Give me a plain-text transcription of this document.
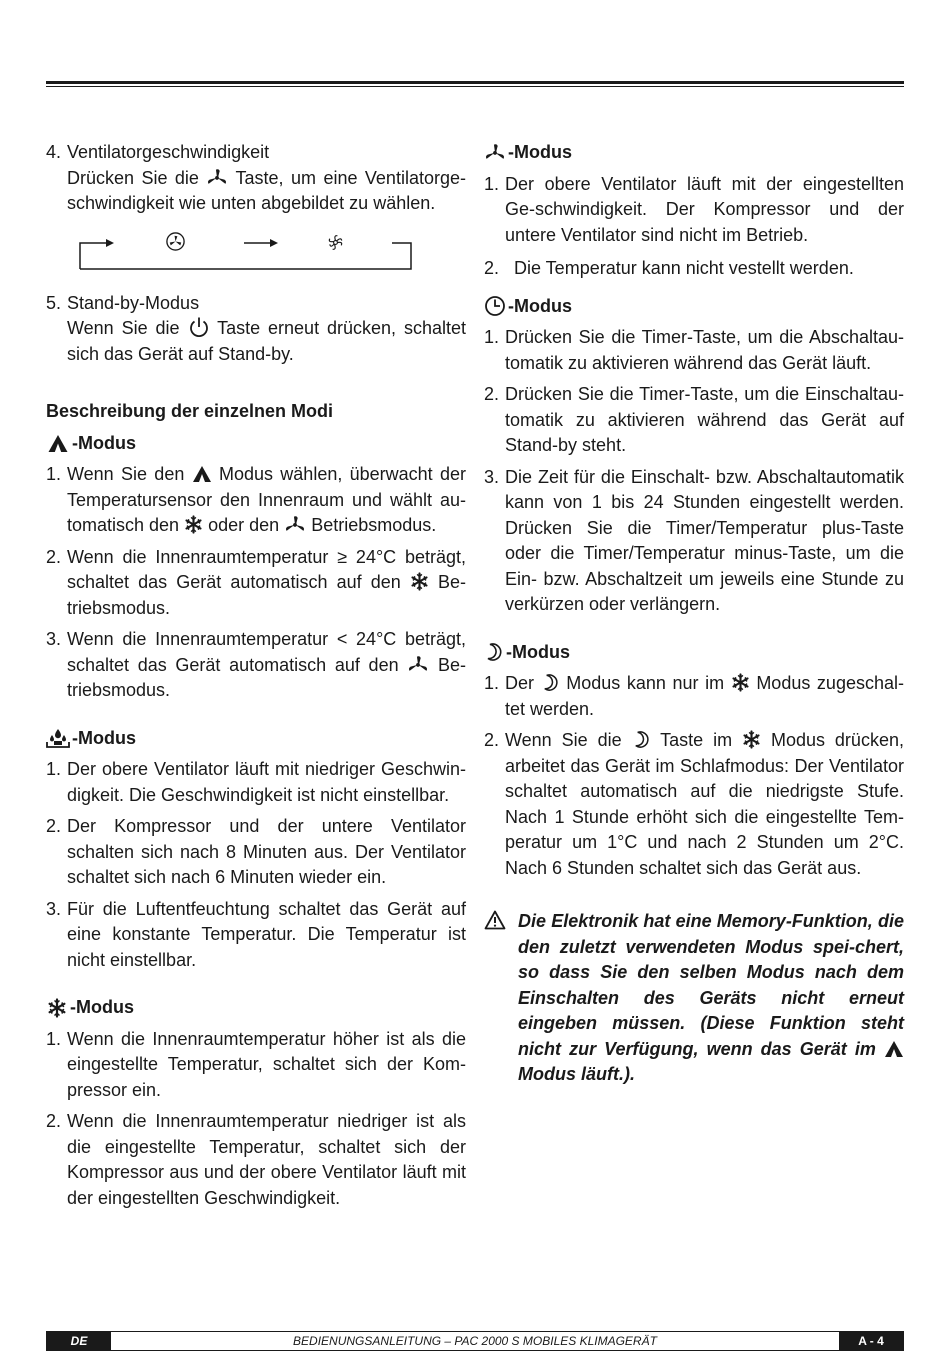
4. Ventilatorgeschwindigkeit
Drücken Sie die Taste, um eine Ventilatorge-schwindigkeit wie unten abgebildet zu wählen.
5. Stand-by-Modus
Wenn Sie die Taste erneut drücken, schaltet sich das Gerät auf Stand-by.
Beschreibung der einzelnen Modi
-Modus
1. Wenn Sie den Modus wählen, überwacht der Temperatursensor den Innenraum und wählt au-tomatisch den oder den Betriebsmodus.
2. Wenn die Innenraumtemperatur ≥ 24°C beträgt, schaltet das Gerät automatisch auf den Be-triebsmodus.
3. Wenn die Innenraumtemperatur < 24°C beträgt, schaltet das Gerät automatisch auf den Be-triebsmodus.
-Modus
1. Der obere Ventilator läuft mit niedriger Geschwin-digkeit. Die Geschwindigkeit ist nicht einstellbar.
2. Der Kompressor und der untere Ventilator schalten sich nach 8 Minuten aus. Der Ventilator schaltet sich nach 6 Minuten wieder ein.
3. Für die Luftentfeuchtung schaltet das Gerät auf eine konstante Temperatur. Die Temperatur ist nicht einstellbar.
-Modus
1. Wenn die Innenraumtemperatur höher ist als die eingestellte Temperatur, schaltet sich der Kom-pressor ein.
2. Wenn die Innenraumtemperatur niedriger ist als die eingestellte Temperatur, schaltet sich der Kompressor aus und der obere Ventilator läuft mit der eingestellten Geschwindigkeit.
-Modus
1. Der obere Ventilator läuft mit der eingestellten Ge-schwindigkeit. Der Kompressor und der untere Ventilator sind nicht im Betrieb.
2. Die Temperatur kann nicht vestellt werden.
-Modus
1. Drücken Sie die Timer-Taste, um die Abschaltau-tomatik zu aktivieren während das Gerät läuft.
2. Drücken Sie die Timer-Taste, um die Einschaltau-tomatik zu aktivieren während das Gerät auf Stand-by steht.
3. Die Zeit für die Einschalt- bzw. Abschaltautomatik kann von 1 bis 24 Stunden eingestellt werden. Drücken Sie die Timer/Temperatur plus-Taste oder die Timer/Temperatur minus-Taste, um die Ein- bzw. Abschaltzeit um jeweils eine Stunde zu verkürzen oder verlängern.
-Modus
1. Der Modus kann nur im Modus zugeschal-tet werden.
2. Wenn Sie die Taste im Modus drücken, arbeitet das Gerät im Schlafmodus: Der Ventilator schaltet automatisch auf die niedrigste Stufe. Nach 1 Stunde erhöht sich die eingestellte Tem-peratur um 1°C und nach 2 Stunden um 2°C. Nach 6 Stunden schaltet sich das Gerät aus.
Die Elektronik hat eine Memory-Funktion, die den zuletzt verwendeten Modus spei-chert, so dass Sie den selben Modus nach dem Einschalten des Geräts nicht erneut eingeben müssen. (Diese Funktion steht nicht zur Verfügung, wenn das Gerät im  Modus läuft.).
DE	BEDIENUNGSANLEITUNG – PAC 2000 S MOBILES KLIMAGERÄT	A - 4
